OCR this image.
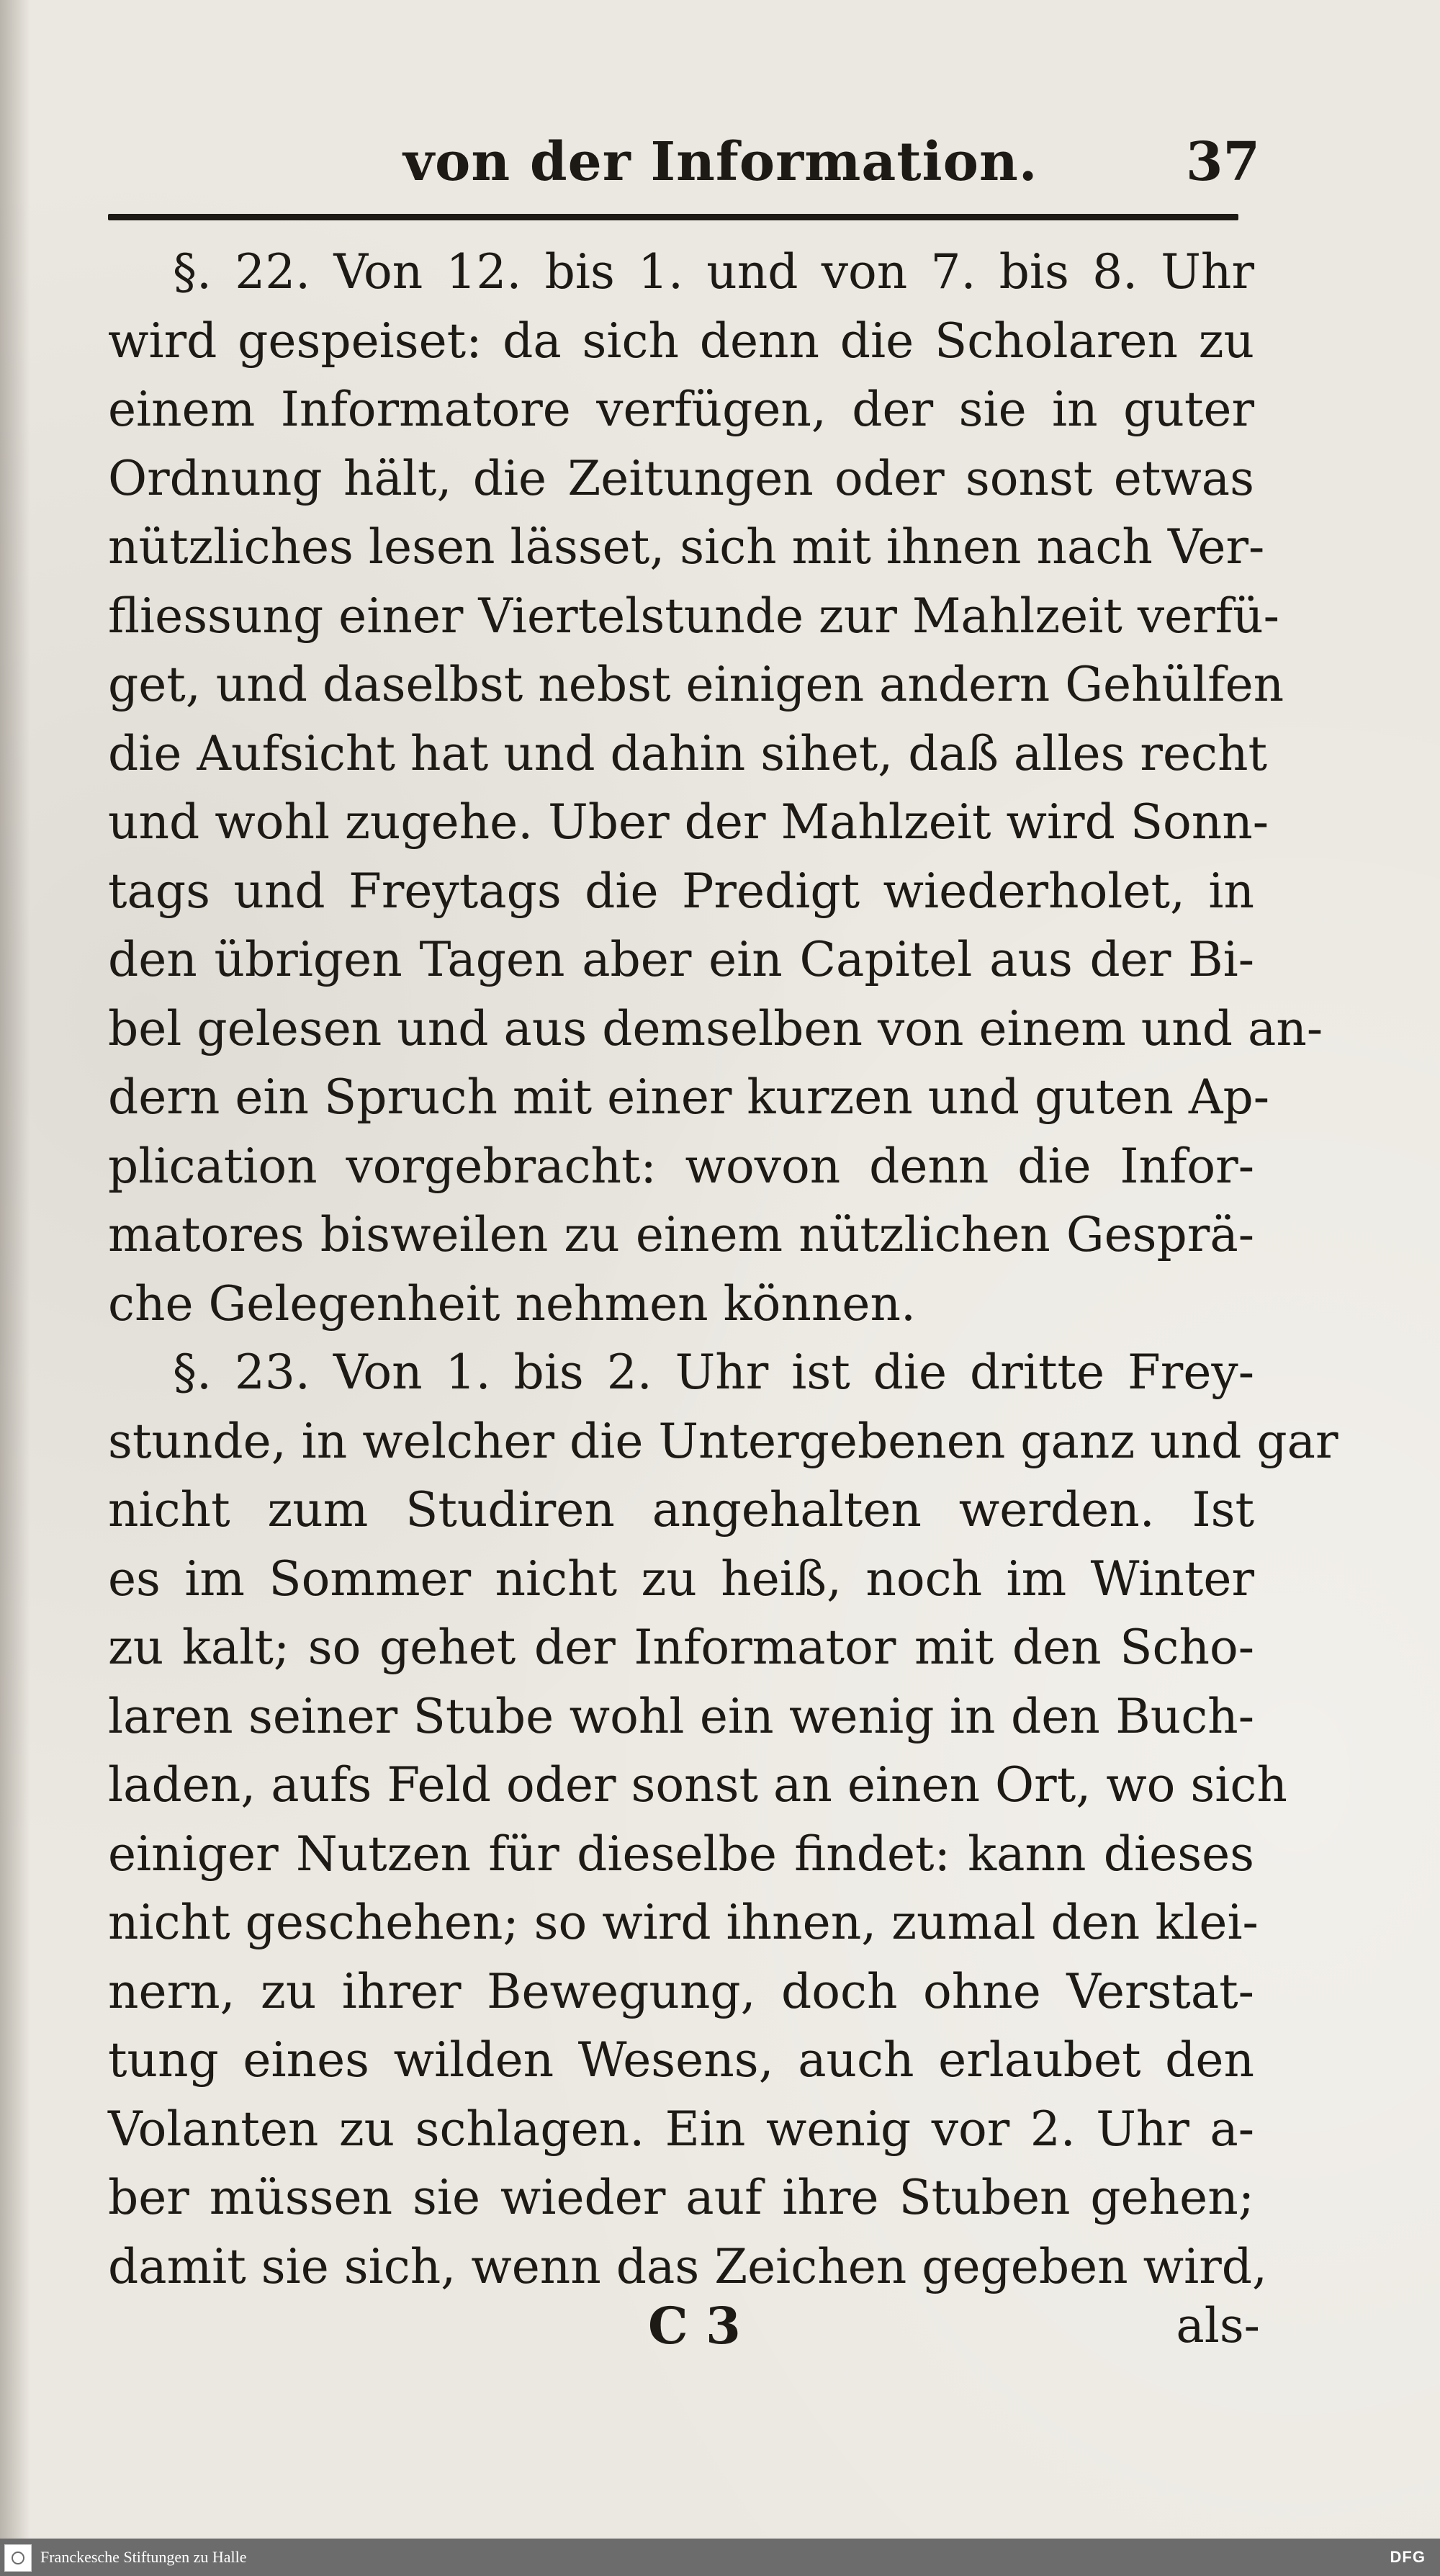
von der Information.	37
§. 22. Von 12. bis 1. und von 7. bis 8. Uhr
wird gespeiset: da sich denn die Scholaren zu
einem Informatore verfügen, der sie in guter
Ordnung hält, die Zeitungen oder sonst etwas
nützliches lesen lässet, sich mit ihnen nach Ver-
fliessung einer Viertelstunde zur Mahlzeit verfü-
get, und daselbst nebst einigen andern Gehülfen
die Aufsicht hat und dahin sihet, daß alles recht
und wohl zugehe. Uber der Mahlzeit wird Sonn-
tags und Freytags die Predigt wiederholet, in
den übrigen Tagen aber ein Capitel aus der Bi-
bel gelesen und aus demselben von einem und an-
dern ein Spruch mit einer kurzen und guten Ap-
plication vorgebracht: wovon denn die Infor-
matores bisweilen zu einem nützlichen Gesprä-
che Gelegenheit nehmen können.
§. 23. Von 1. bis 2. Uhr ist die dritte Frey-
stunde, in welcher die Untergebenen ganz und gar
nicht zum Studiren angehalten werden. Ist
es im Sommer nicht zu heiß, noch im Winter
zu kalt; so gehet der Informator mit den Scho-
laren seiner Stube wohl ein wenig in den Buch-
laden, aufs Feld oder sonst an einen Ort, wo sich
einiger Nutzen für dieselbe findet: kann dieses
nicht geschehen; so wird ihnen, zumal den klei-
nern, zu ihrer Bewegung, doch ohne Verstat-
tung eines wilden Wesens, auch erlaubet den
Volanten zu schlagen. Ein wenig vor 2. Uhr a-
ber müssen sie wieder auf ihre Stuben gehen;
damit sie sich, wenn das Zeichen gegeben wird,
C 3	als-
Franckesche Stiftungen zu Halle	DFG
